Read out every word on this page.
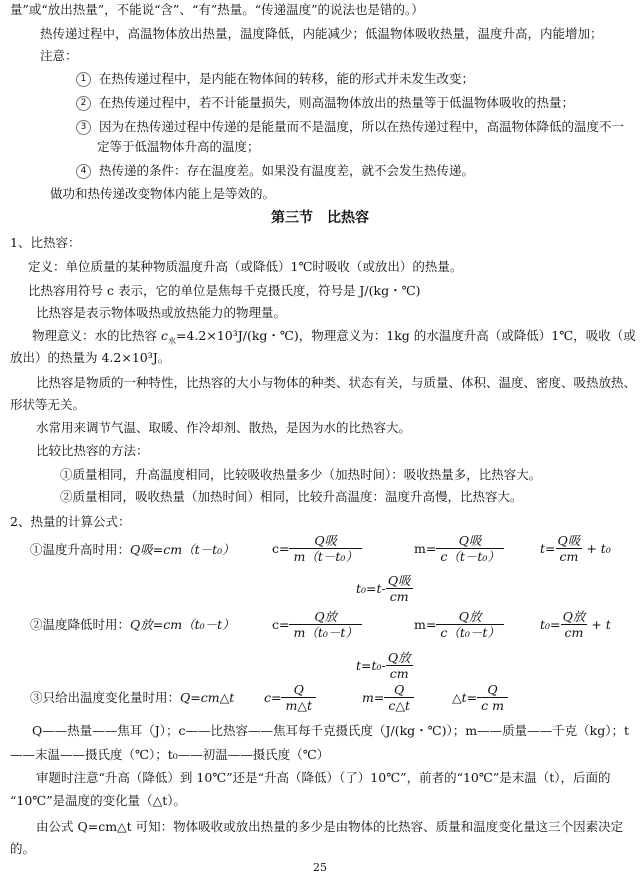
量”或“放出热量”，不能说“含”、“有”热量。“传递温度”的说法也是错的。）
热传递过程中，高温物体放出热量，温度降低，内能减少；低温物体吸收热量，温度升高，内能增加；
注意：
1 在热传递过程中，是内能在物体间的转移，能的形式并未发生改变；
2 在热传递过程中，若不计能量损失，则高温物体放出的热量等于低温物体吸收的热量；
3 因为在热传递过程中传递的是能量而不是温度，所以在热传递过程中，高温物体降低的温度不一
定等于低温物体升高的温度；
4 热传递的条件：存在温度差。如果没有温度差，就不会发生热传递。
做功和热传递改变物体内能上是等效的。
第三节　比热容
1、比热容：
定义：单位质量的某种物质温度升高（或降低）1℃时吸收（或放出）的热量。
比热容用符号 c 表示，它的单位是焦每千克摄氏度，符号是 J/(kg・℃)
比热容是表示物体吸热或放热能力的物理量。
物理意义：水的比热容 $c_水=4.2\times 10^3J/(kg$・℃)，物理意义为：1kg 的水温度升高（或降低）1℃，吸收（或
放出）的热量为 4.2×10³J。
比热容是物质的一种特性，比热容的大小与物体的种类、状态有关，与质量、体积、温度、密度、吸热放热、
形状等无关。
水常用来调节气温、取暖、作冷却剂、散热，是因为水的比热容大。
比较比热容的方法：
①质量相同，升高温度相同，比较吸收热量多少（加热时间）：吸收热量多，比热容大。
②质量相同，吸收热量（加热时间）相同，比较升高温度：温度升高慢，比热容大。
2、热量的计算公式：
①温度升高时用：Q吸=cm（t－t₀）	$c= \frac{\text{Q吸}}{\text{m（t－t₀）}}$	$m= \frac{\text{Q吸}}{\text{c（t－t₀）}}$	$t= \frac{\text{Q吸}}{cm} + t_0$
$t_0=t- \frac{\text{Q吸}}{cm}$
②温度降低时用：Q放=cm（t₀－t）	$c= \frac{\text{Q放}}{\text{m（t₀－t）}}$	$m= \frac{\text{Q放}}{\text{c（t₀－t）}}$	$t_0= \frac{\text{Q放}}{cm} + t$
$t=t_0- \frac{\text{Q放}}{cm}$
③只给出温度变化量时用：Q=cm△t $c= \frac{Q}{m\triangle t}$	$m= \frac{Q}{c\triangle t}$	△t= $\frac{Q}{\text{c m}}$
Q——热量——焦耳（J）；c——比热容——焦耳每千克摄氏度（J/(kg・℃)）；m——质量——千克（kg）；t
——末温——摄氏度（℃）；t₀——初温——摄氏度（℃）
审题时注意“升高（降低）到 10℃”还是“升高（降低）（了）10℃”，前者的“10℃”是末温（t），后面的
“10℃”是温度的变化量（△t）。
由公式 Q=cm△t 可知：物体吸收或放出热量的多少是由物体的比热容、质量和温度变化量这三个因素决定
的。
25
